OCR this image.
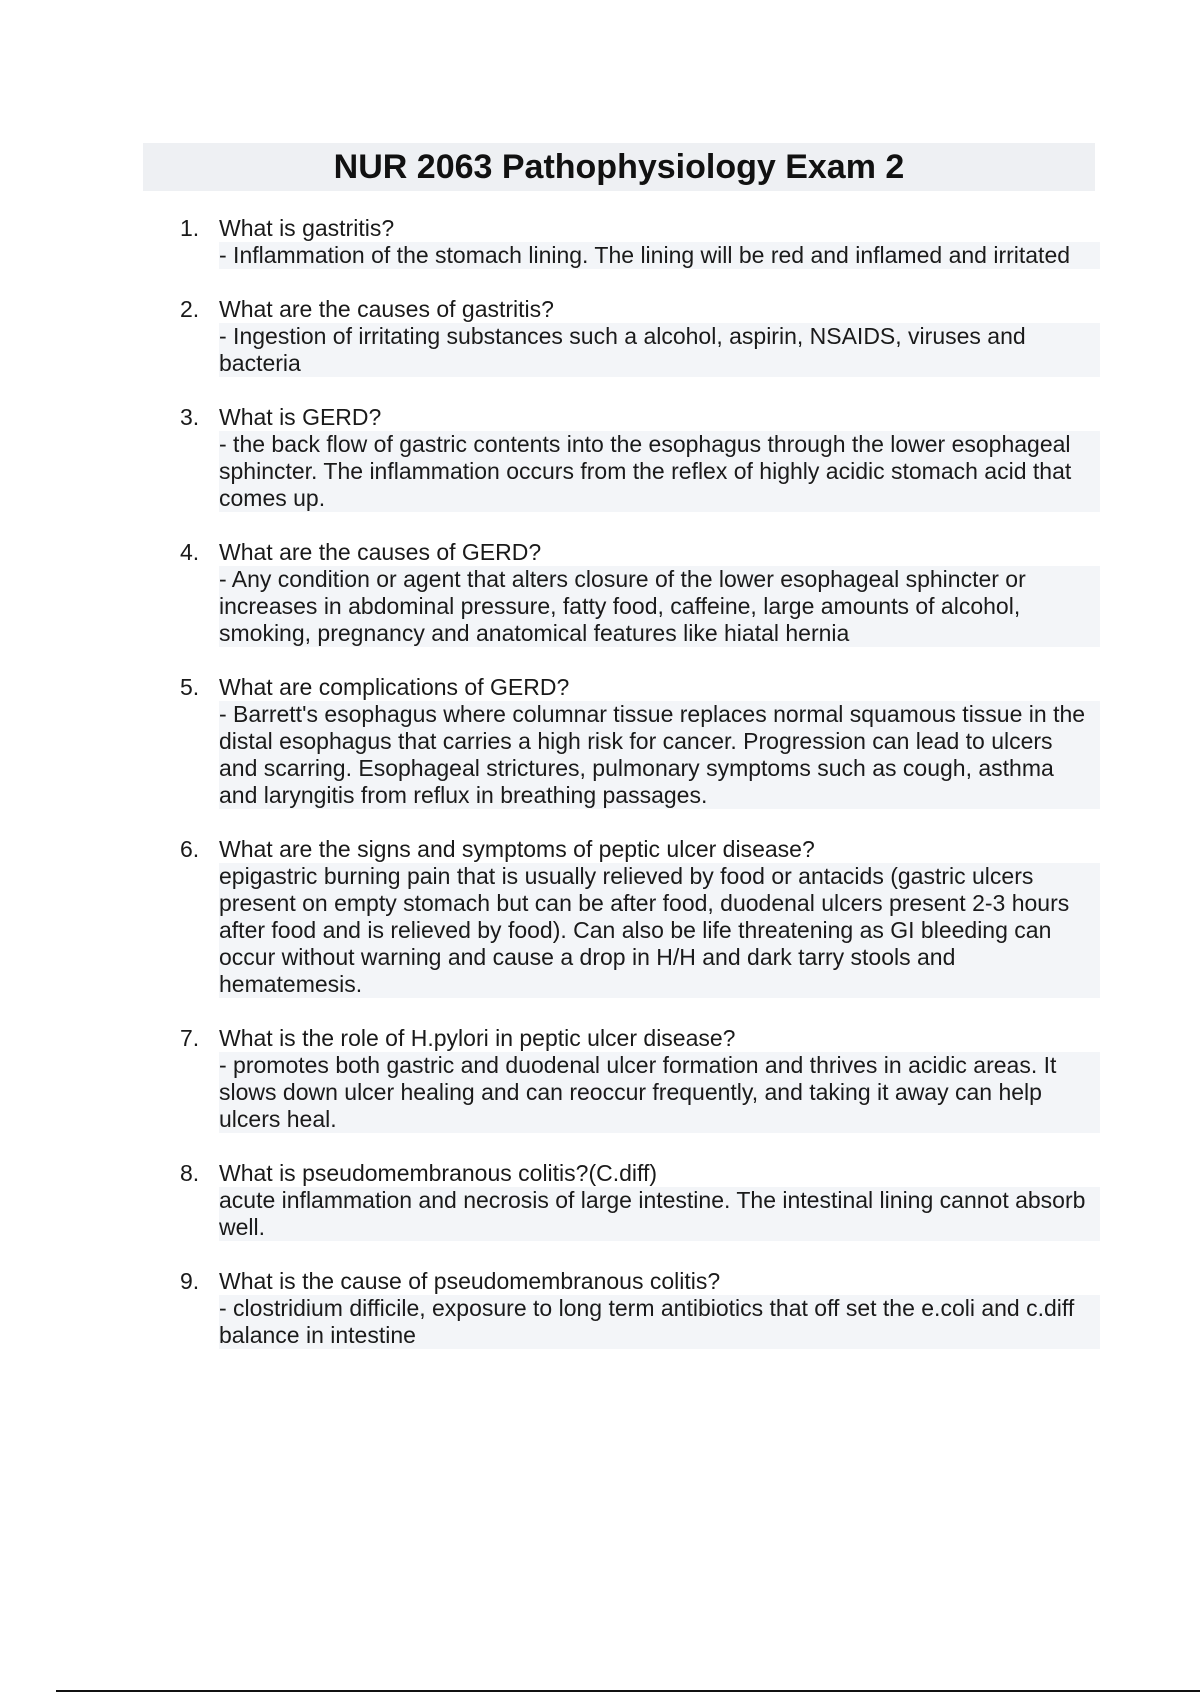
NUR 2063 Pathophysiology Exam 2
1. What is gastritis?
- Inflammation of the stomach lining. The lining will be red and inflamed and irritated
2. What are the causes of gastritis?
- Ingestion of irritating substances such a alcohol, aspirin, NSAIDS, viruses and bacteria
3. What is GERD?
- the back flow of gastric contents into the esophagus through the lower esophageal sphincter. The inflammation occurs from the reflex of highly acidic stomach acid that comes up.
4. What are the causes of GERD?
- Any condition or agent that alters closure of the lower esophageal sphincter or increases in abdominal pressure, fatty food, caffeine, large amounts of alcohol, smoking, pregnancy and anatomical features like hiatal hernia
5. What are complications of GERD?
- Barrett's esophagus where columnar tissue replaces normal squamous tissue in the distal esophagus that carries a high risk for cancer. Progression can lead to ulcers and scarring. Esophageal strictures, pulmonary symptoms such as cough, asthma and laryngitis from reflux in breathing passages.
6. What are the signs and symptoms of peptic ulcer disease?
epigastric burning pain that is usually relieved by food or antacids (gastric ulcers present on empty stomach but can be after food, duodenal ulcers present 2-3 hours after food and is relieved by food). Can also be life threatening as GI bleeding can occur without warning and cause a drop in H/H and dark tarry stools and hematemesis.
7. What is the role of H.pylori in peptic ulcer disease?
- promotes both gastric and duodenal ulcer formation and thrives in acidic areas. It slows down ulcer healing and can reoccur frequently, and taking it away can help ulcers heal.
8. What is pseudomembranous colitis?(C.diff)
acute inflammation and necrosis of large intestine. The intestinal lining cannot absorb well.
9. What is the cause of pseudomembranous colitis?
- clostridium difficile, exposure to long term antibiotics that off set the e.coli and c.diff balance in intestine
